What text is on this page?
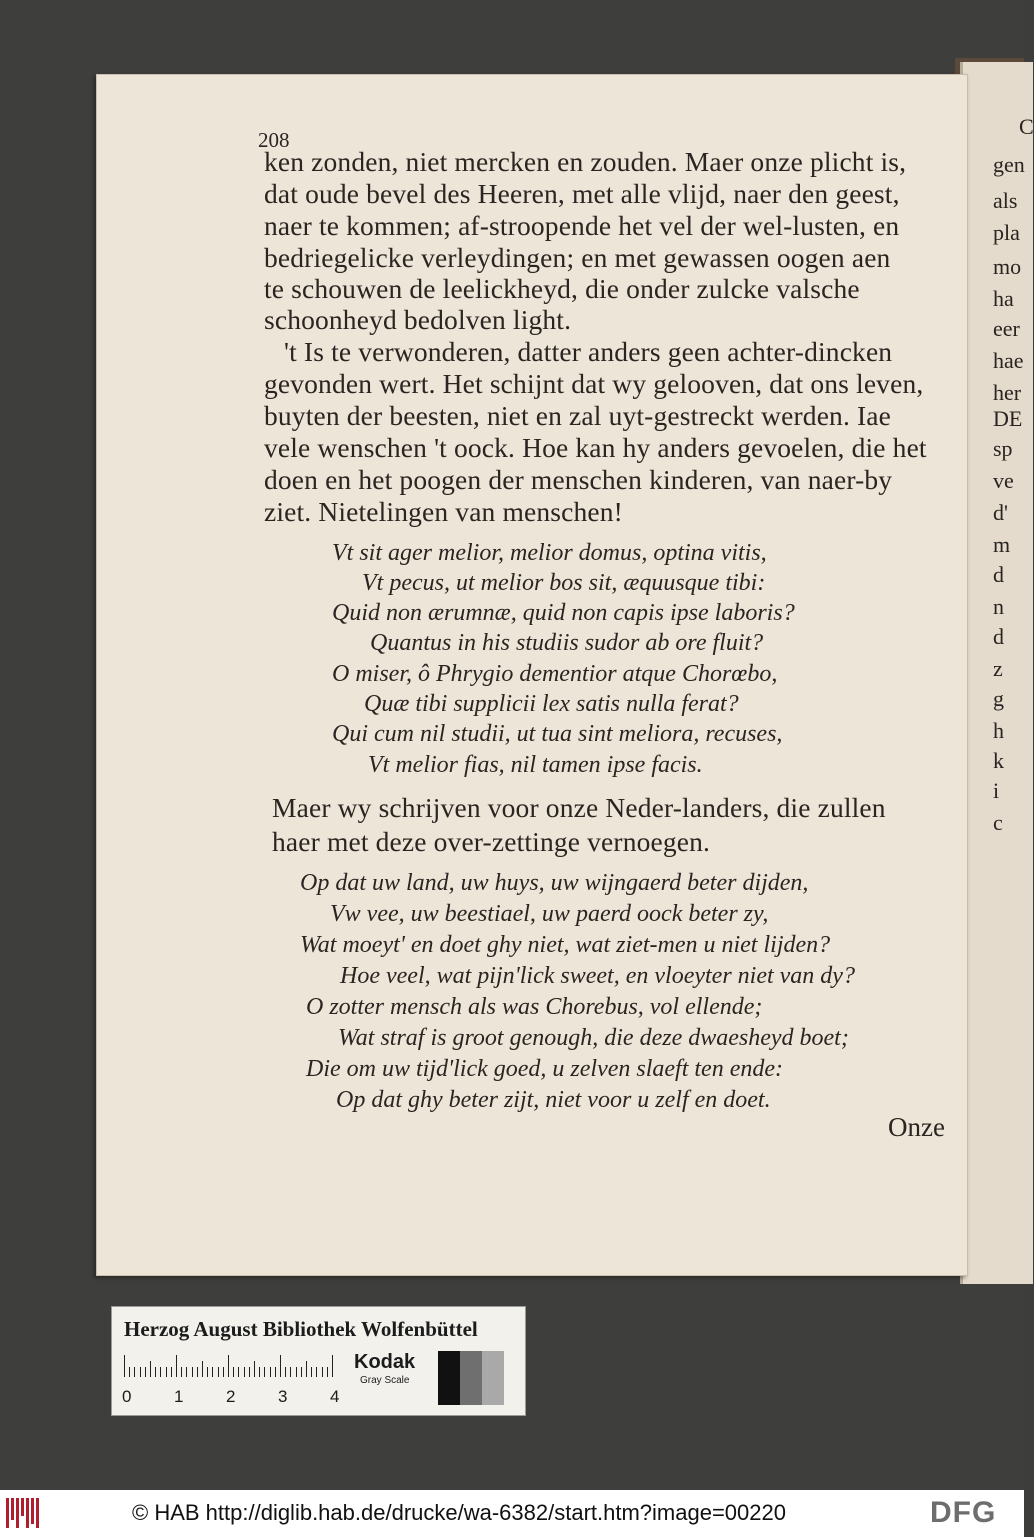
C
gen
als
pla
mo
ha
eer
hae
her
DE
sp
ve
d'
m
d
n
d
z
g
h
k
i
c
208

ken zonden, niet mercken en zouden. Maer onze plicht is,

dat oude bevel des Heeren, met alle vlijd, naer den geest,

naer te kommen; af-stroopende het vel der wel-lusten, en

bedriegelicke verleydingen; en met gewassen oogen aen

te schouwen de leelickheyd, die onder zulcke valsche

schoonheyd bedolven light.

't Is te verwonderen, datter anders geen achter-dincken

gevonden wert. Het schijnt dat wy gelooven, dat ons leven,

buyten der beesten, niet en zal uyt-gestreckt werden. Iae

vele wenschen 't oock. Hoe kan hy anders gevoelen, die het

doen en het poogen der menschen kinderen, van naer-by

ziet. Nietelingen van menschen!

Vt sit ager melior, melior domus, optina vitis,

Vt pecus, ut melior bos sit, æquusque tibi:

Quid non ærumnæ, quid non capis ipse laboris?

Quantus in his studiis sudor ab ore fluit?

O miser, ô Phrygio dementior atque Chorœbo,

Quæ tibi supplicii lex satis nulla ferat?

Qui cum nil studii, ut tua sint meliora, recuses,

Vt melior fias, nil tamen ipse facis.

Maer wy schrijven voor onze Neder-landers, die zullen

haer met deze over-zettinge vernoegen.

Op dat uw land, uw huys, uw wijngaerd beter dijden,

Vw vee, uw beestiael, uw paerd oock beter zy,

Wat moeyt' en doet ghy niet, wat ziet-men u niet lijden?

Hoe veel, wat pijn'lick sweet, en vloeyter niet van dy?

O zotter mensch als was Chorebus, vol ellende;

Wat straf is groot genough, die deze dwaesheyd boet;

Die om uw tijd'lick goed, u zelven slaeft ten ende:

Op dat ghy beter zijt, niet voor u zelf en doet.

Onze
Herzog August Bibliothek Wolfenbüttel
0	1	2	3	4
Kodak
Gray Scale
© HAB http://diglib.hab.de/drucke/wa-6382/start.htm?image=00220	DFG
